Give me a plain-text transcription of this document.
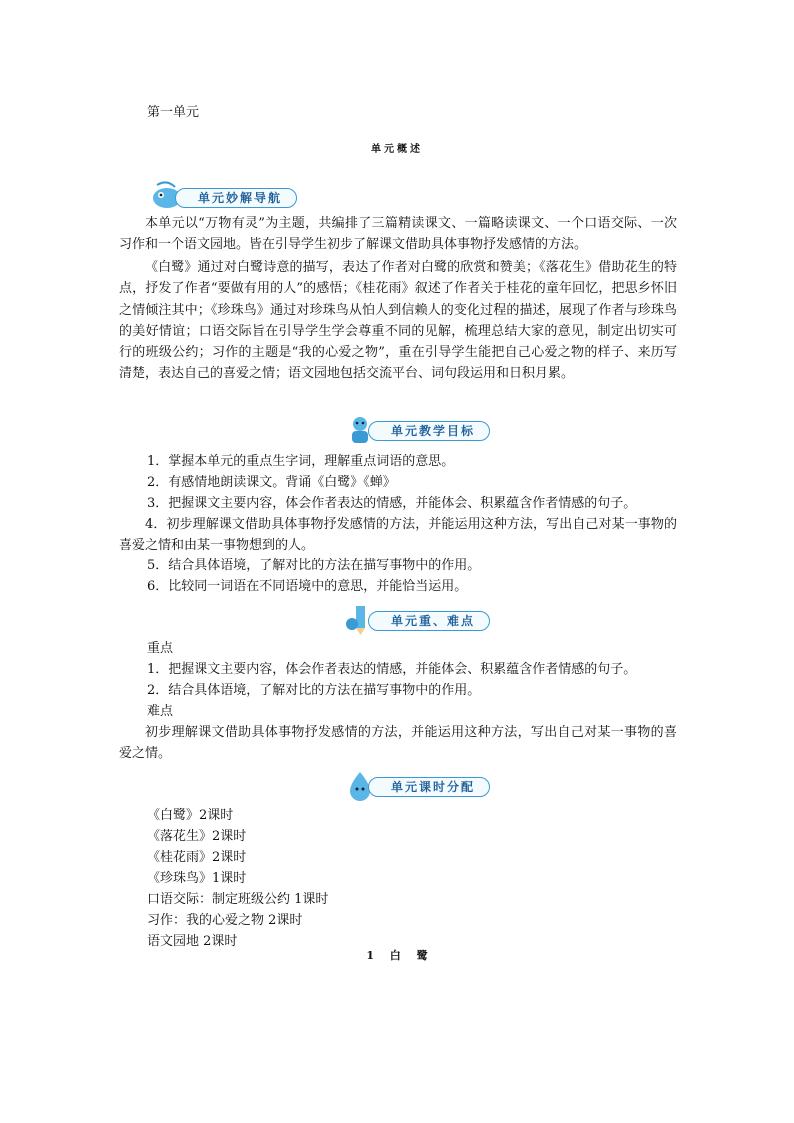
第一单元
单元概述
单元妙解导航
本单元以“万物有灵”为主题，共编排了三篇精读课文、一篇略读课文、一个口语交际、一次习作和一个语文园地。皆在引导学生初步了解课文借助具体事物抒发感情的方法。
《白鹭》通过对白鹭诗意的描写，表达了作者对白鹭的欣赏和赞美；《落花生》借助花生的特点，抒发了作者“要做有用的人”的感悟；《桂花雨》叙述了作者关于桂花的童年回忆，把思乡怀旧之情倾注其中；《珍珠鸟》通过对珍珠鸟从怕人到信赖人的变化过程的描述，展现了作者与珍珠鸟的美好情谊；口语交际旨在引导学生学会尊重不同的见解，梳理总结大家的意见，制定出切实可行的班级公约；习作的主题是“我的心爱之物”，重在引导学生能把自己心爱之物的样子、来历写清楚，表达自己的喜爱之情；语文园地包括交流平台、词句段运用和日积月累。
单元教学目标
1．掌握本单元的重点生字词，理解重点词语的意思。
2．有感情地朗读课文。背诵《白鹭》《蝉》
3．把握课文主要内容，体会作者表达的情感，并能体会、积累蕴含作者情感的句子。
4．初步理解课文借助具体事物抒发感情的方法，并能运用这种方法，写出自己对某一事物的喜爱之情和由某一事物想到的人。
5．结合具体语境，了解对比的方法在描写事物中的作用。
6．比较同一词语在不同语境中的意思，并能恰当运用。
单元重、难点
重点
1．把握课文主要内容，体会作者表达的情感，并能体会、积累蕴含作者情感的句子。
2．结合具体语境，了解对比的方法在描写事物中的作用。
难点
初步理解课文借助具体事物抒发感情的方法，并能运用这种方法，写出自己对某一事物的喜爱之情。
单元课时分配
《白鹭》2课时
《落花生》2课时
《桂花雨》2课时
《珍珠鸟》1课时
口语交际：制定班级公约 1课时
习作：我的心爱之物 2课时
语文园地 2课时
1 白 鹭
